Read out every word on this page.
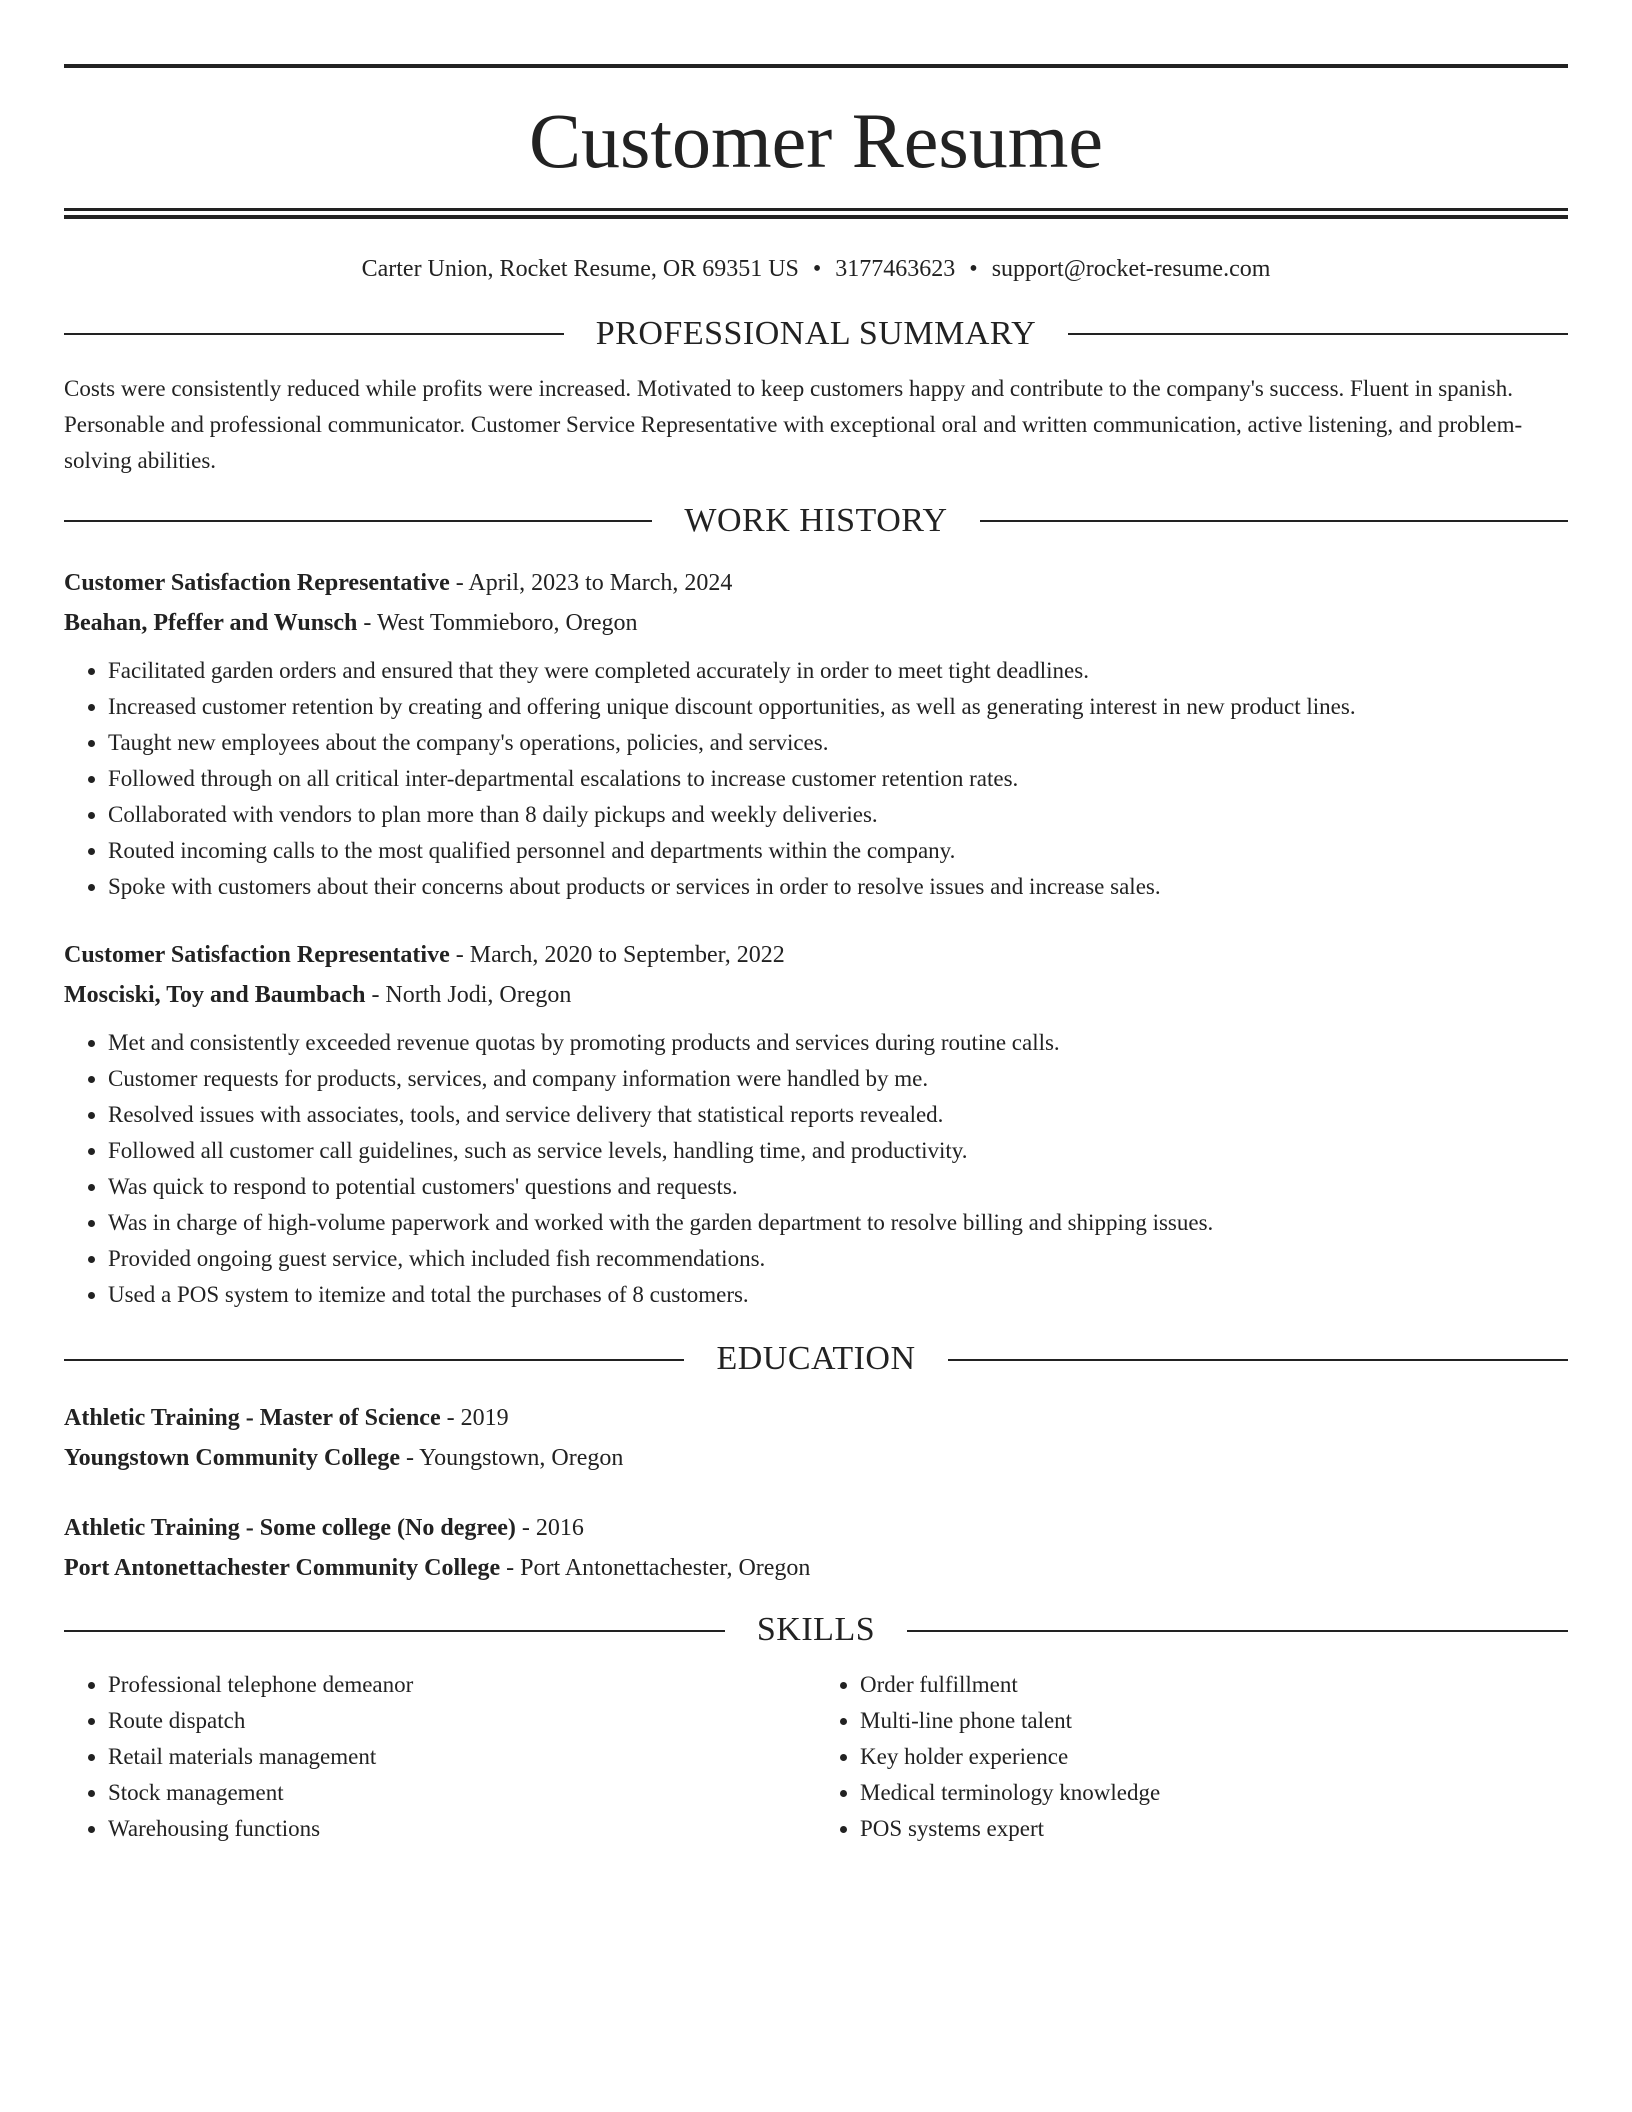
Customer Resume
Carter Union, Rocket Resume, OR 69351 US • 3177463623 • support@rocket-resume.com
PROFESSIONAL SUMMARY

Costs were consistently reduced while profits were increased. Motivated to keep customers happy and contribute to the company's success. Fluent in spanish. Personable and professional communicator. Customer Service Representative with exceptional oral and written communication, active listening, and problem-solving abilities.

WORK HISTORY
Customer Satisfaction Representative - April, 2023 to March, 2024
Beahan, Pfeffer and Wunsch - West Tommieboro, Oregon
• Facilitated garden orders and ensured that they were completed accurately in order to meet tight deadlines.
• Increased customer retention by creating and offering unique discount opportunities, as well as generating interest in new product lines.
• Taught new employees about the company's operations, policies, and services.
• Followed through on all critical inter-departmental escalations to increase customer retention rates.
• Collaborated with vendors to plan more than 8 daily pickups and weekly deliveries.
• Routed incoming calls to the most qualified personnel and departments within the company.
• Spoke with customers about their concerns about products or services in order to resolve issues and increase sales.
Customer Satisfaction Representative - March, 2020 to September, 2022
Mosciski, Toy and Baumbach - North Jodi, Oregon
• Met and consistently exceeded revenue quotas by promoting products and services during routine calls.
• Customer requests for products, services, and company information were handled by me.
• Resolved issues with associates, tools, and service delivery that statistical reports revealed.
• Followed all customer call guidelines, such as service levels, handling time, and productivity.
• Was quick to respond to potential customers' questions and requests.
• Was in charge of high-volume paperwork and worked with the garden department to resolve billing and shipping issues.
• Provided ongoing guest service, which included fish recommendations.
• Used a POS system to itemize and total the purchases of 8 customers.
EDUCATION
Athletic Training - Master of Science - 2019
Youngstown Community College - Youngstown, Oregon
Athletic Training - Some college (No degree) - 2016
Port Antonettachester Community College - Port Antonettachester, Oregon
SKILLS
• Professional telephone demeanor
• Route dispatch
• Retail materials management
• Stock management
• Warehousing functions
• Order fulfillment
• Multi-line phone talent
• Key holder experience
• Medical terminology knowledge
• POS systems expert
